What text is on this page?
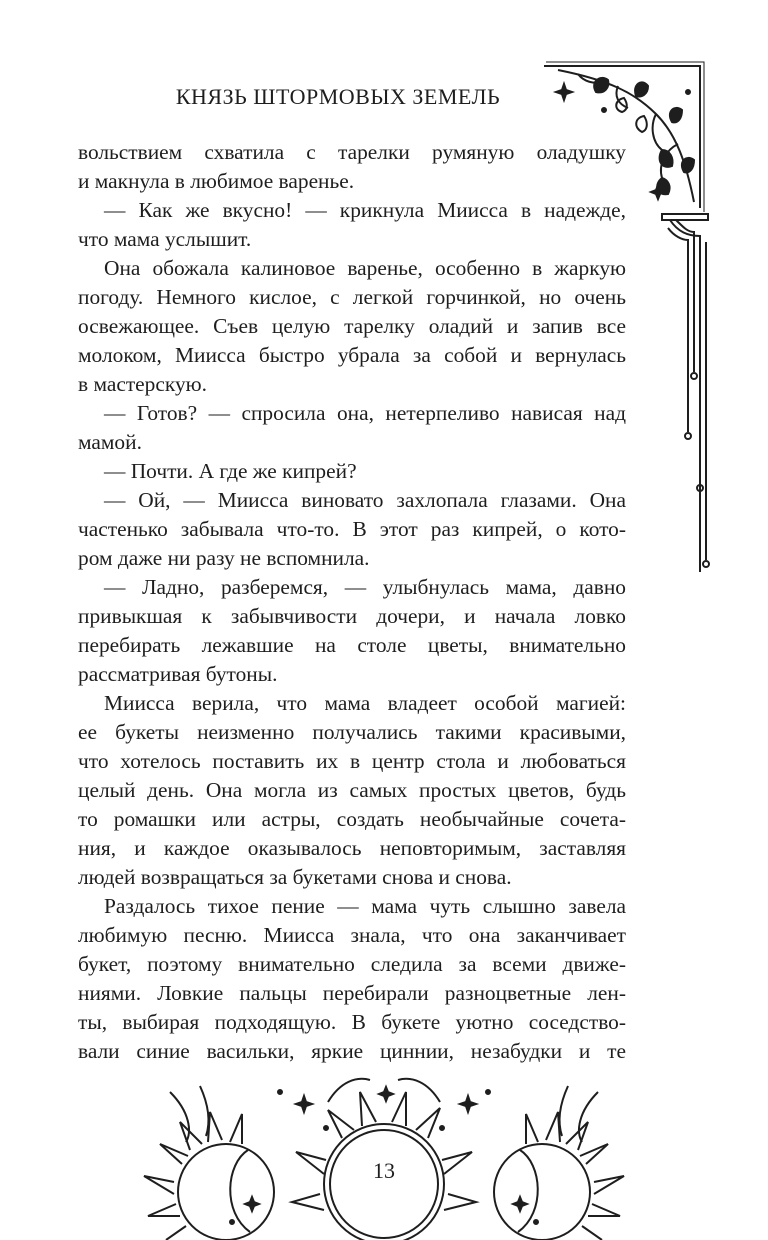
КНЯЗЬ ШТОРМОВЫХ ЗЕМЕЛЬ
вольствием схватила с тарелки румяную оладушку
и макнула в любимое варенье.
— Как же вкусно! — крикнула Миисса в надежде,
что мама услышит.
Она обожала калиновое варенье, особенно в жаркую
погоду. Немного кислое, с легкой горчинкой, но очень
освежающее. Съев целую тарелку оладий и запив все
молоком, Миисса быстро убрала за собой и вернулась
в мастерскую.
— Готов? — спросила она, нетерпеливо нависая над
мамой.
— Почти. А где же кипрей?
— Ой, — Миисса виновато захлопала глазами. Она
частенько забывала что-то. В этот раз кипрей, о кото-
ром даже ни разу не вспомнила.
— Ладно, разберемся, — улыбнулась мама, давно
привыкшая к забывчивости дочери, и начала ловко
перебирать лежавшие на столе цветы, внимательно
рассматривая бутоны.
Миисса верила, что мама владеет особой магией:
ее букеты неизменно получались такими красивыми,
что хотелось поставить их в центр стола и любоваться
целый день. Она могла из самых простых цветов, будь
то ромашки или астры, создать необычайные сочета-
ния, и каждое оказывалось неповторимым, заставляя
людей возвращаться за букетами снова и снова.
Раздалось тихое пение — мама чуть слышно завела
любимую песню. Миисса знала, что она заканчивает
букет, поэтому внимательно следила за всеми движе-
ниями. Ловкие пальцы перебирали разноцветные лен-
ты, выбирая подходящую. В букете уютно соседство-
вали синие васильки, яркие циннии, незабудки и те
13
